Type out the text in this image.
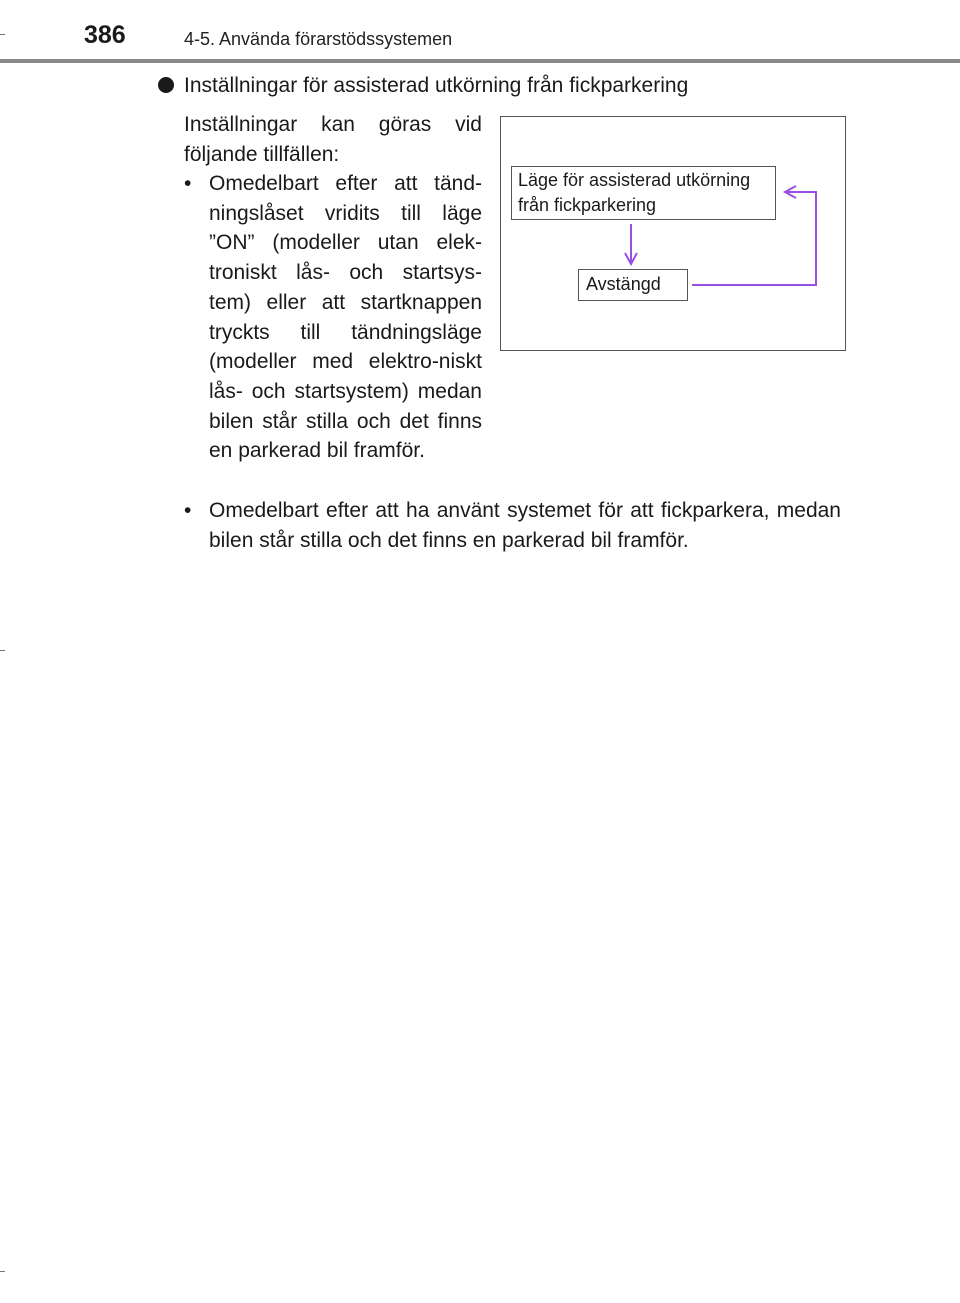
386	4-5. Använda förarstödssystemen
Inställningar för assisterad utkörning från fickparkering
Inställningar kan göras vid följande tillfällen:
• Omedelbart efter att tänd-ningslåset vridits till läge ”ON” (modeller utan elek-troniskt lås- och startsys-tem) eller att startknappen tryckts till tändningsläge (modeller med elektro-niskt lås- och startsystem) medan bilen står stilla och det finns en parkerad bil framför.
• Omedelbart efter att ha använt systemet för att fickparkera, medan bilen står stilla och det finns en parkerad bil framför.
Läge för assisterad utkörning från fickparkering
Avstängd
